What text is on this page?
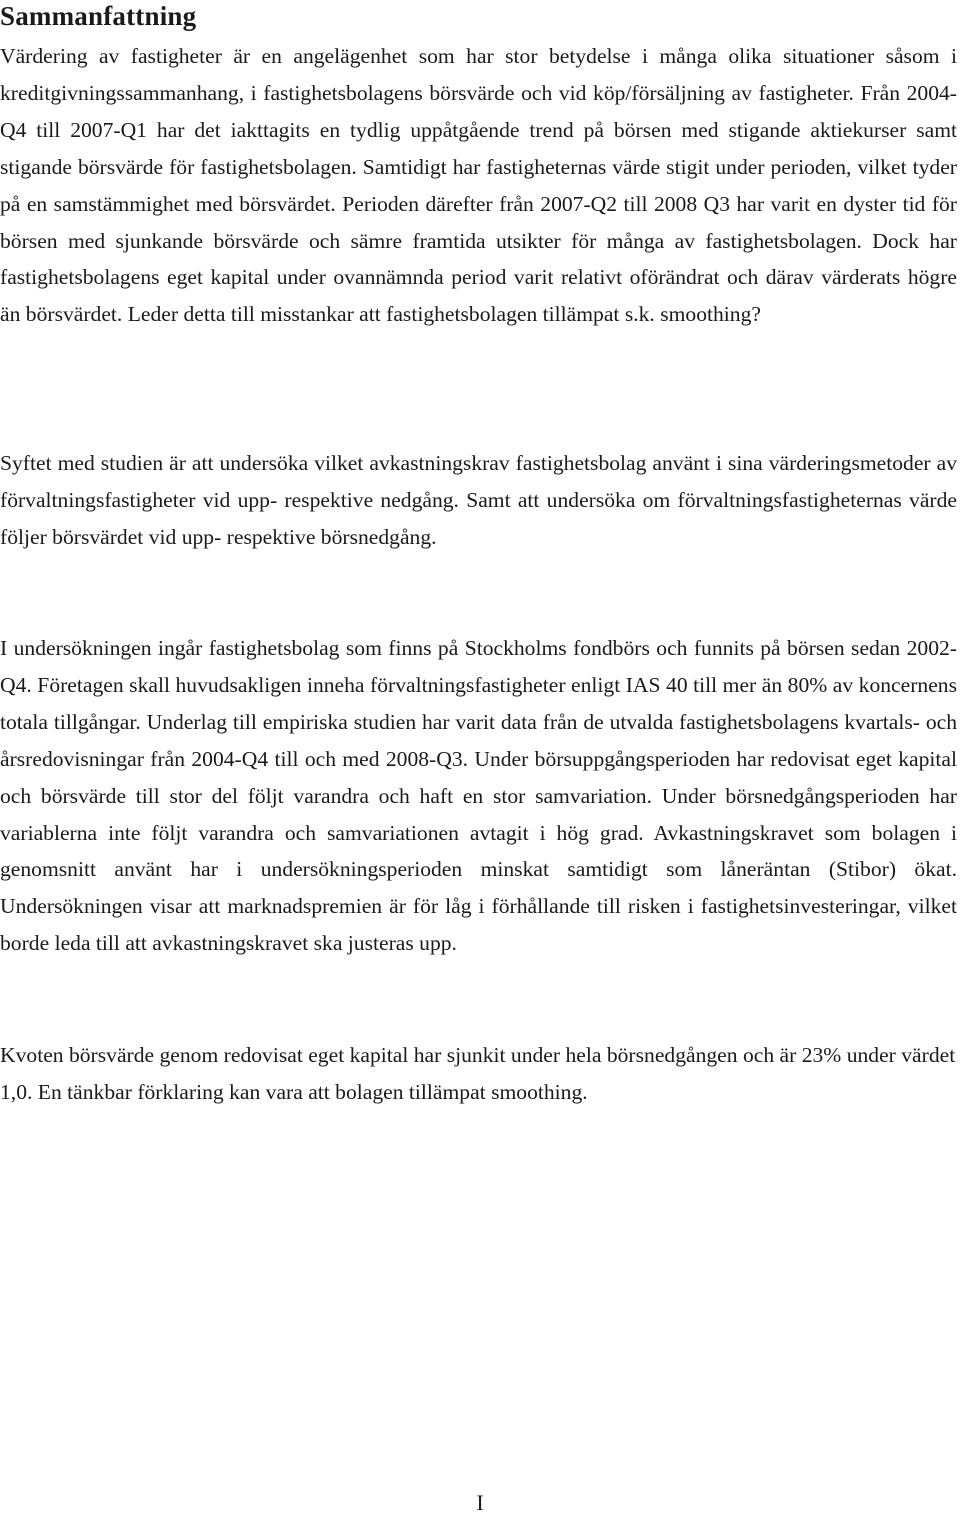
Sammanfattning

Värdering av fastigheter är en angelägenhet som har stor betydelse i många olika situationer såsom i kreditgivningssammanhang, i fastighetsbolagens börsvärde och vid köp/försäljning av fastigheter. Från 2004-Q4 till 2007-Q1 har det iakttagits en tydlig uppåtgående trend på börsen med stigande aktiekurser samt stigande börsvärde för fastighetsbolagen. Samtidigt har fastigheternas värde stigit under perioden, vilket tyder på en samstämmighet med börsvärdet. Perioden därefter från 2007-Q2 till 2008 Q3 har varit en dyster tid för börsen med sjunkande börsvärde och sämre framtida utsikter för många av fastighetsbolagen. Dock har fastighetsbolagens eget kapital under ovannämnda period varit relativt oförändrat och därav värderats högre än börsvärdet. Leder detta till misstankar att fastighetsbolagen tillämpat s.k. smoothing?

Syftet med studien är att undersöka vilket avkastningskrav fastighetsbolag använt i sina värderingsmetoder av förvaltningsfastigheter vid upp- respektive nedgång. Samt att undersöka om förvaltningsfastigheternas värde följer börsvärdet vid upp- respektive börsnedgång.

I undersökningen ingår fastighetsbolag som finns på Stockholms fondbörs och funnits på börsen sedan 2002-Q4. Företagen skall huvudsakligen inneha förvaltningsfastigheter enligt IAS 40 till mer än 80% av koncernens totala tillgångar. Underlag till empiriska studien har varit data från de utvalda fastighetsbolagens kvartals- och årsredovisningar från 2004-Q4 till och med 2008-Q3. Under börsuppgångsperioden har redovisat eget kapital och börsvärde till stor del följt varandra och haft en stor samvariation. Under börsnedgångsperioden har variablerna inte följt varandra och samvariationen avtagit i hög grad. Avkastningskravet som bolagen i genomsnitt använt har i undersökningsperioden minskat samtidigt som låneräntan (Stibor) ökat. Undersökningen visar att marknadspremien är för låg i förhållande till risken i fastighetsinvesteringar, vilket borde leda till att avkastningskravet ska justeras upp.

Kvoten börsvärde genom redovisat eget kapital har sjunkit under hela börsnedgången och är 23% under värdet 1,0. En tänkbar förklaring kan vara att bolagen tillämpat smoothing.

I
